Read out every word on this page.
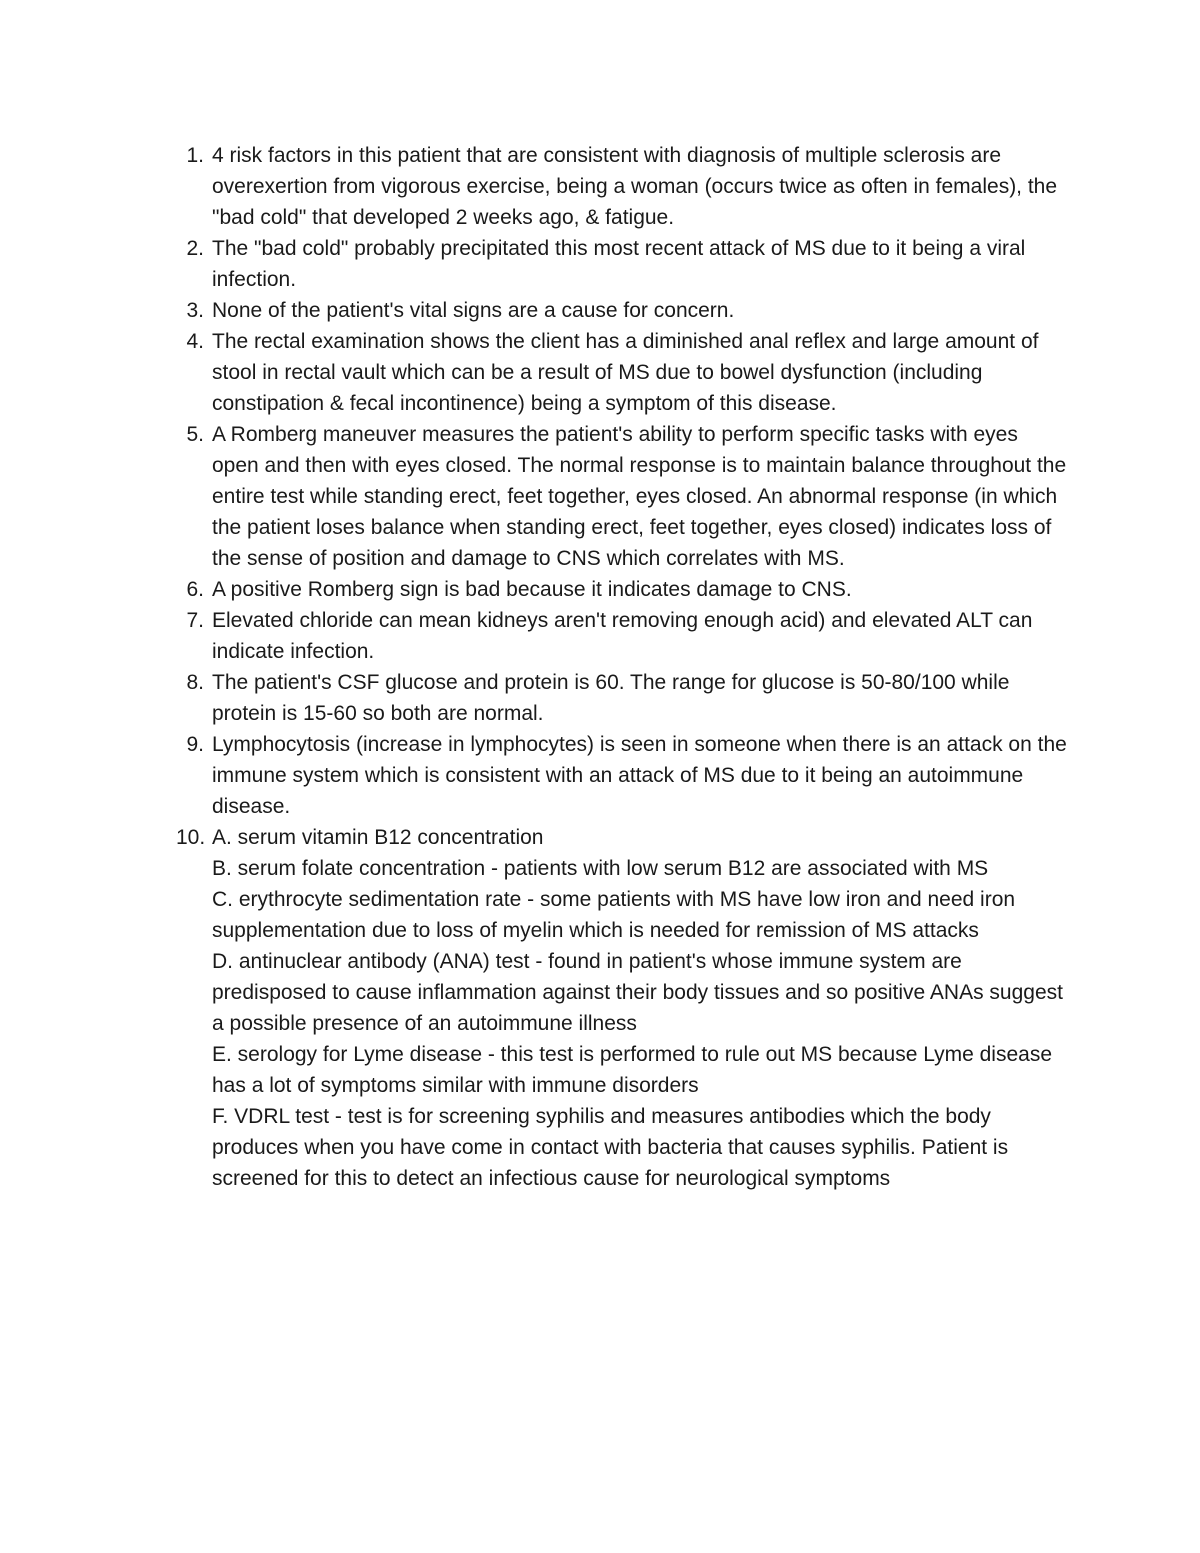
1. 4 risk factors in this patient that are consistent with diagnosis of multiple sclerosis are overexertion from vigorous exercise, being a woman (occurs twice as often in females), the "bad cold" that developed 2 weeks ago, & fatigue.
2. The "bad cold" probably precipitated this most recent attack of MS due to it being a viral infection.
3. None of the patient's vital signs are a cause for concern.
4. The rectal examination shows the client has a diminished anal reflex and large amount of stool in rectal vault which can be a result of MS due to bowel dysfunction (including constipation & fecal incontinence) being a symptom of this disease.
5. A Romberg maneuver measures the patient's ability to perform specific tasks with eyes open and then with eyes closed. The normal response is to maintain balance throughout the entire test while standing erect, feet together, eyes closed. An abnormal response (in which the patient loses balance when standing erect, feet together, eyes closed) indicates loss of the sense of position and damage to CNS which correlates with MS.
6. A positive Romberg sign is bad because it indicates damage to CNS.
7. Elevated chloride can mean kidneys aren't removing enough acid) and elevated ALT can indicate infection.
8. The patient's CSF glucose and protein is 60. The range for glucose is 50-80/100 while protein is 15-60 so both are normal.
9. Lymphocytosis (increase in lymphocytes) is seen in someone when there is an attack on the immune system which is consistent with an attack of MS due to it being an autoimmune disease.
10. A. serum vitamin B12 concentration
B. serum folate concentration - patients with low serum B12 are associated with MS
C. erythrocyte sedimentation rate - some patients with MS have low iron and need iron supplementation due to loss of myelin which is needed for remission of MS attacks
D. antinuclear antibody (ANA) test - found in patient's whose immune system are predisposed to cause inflammation against their body tissues and so positive ANAs suggest a possible presence of an autoimmune illness
E. serology for Lyme disease - this test is performed to rule out MS because Lyme disease has a lot of symptoms similar with immune disorders
F. VDRL test - test is for screening syphilis and measures antibodies which the body produces when you have come in contact with bacteria that causes syphilis. Patient is screened for this to detect an infectious cause for neurological symptoms
